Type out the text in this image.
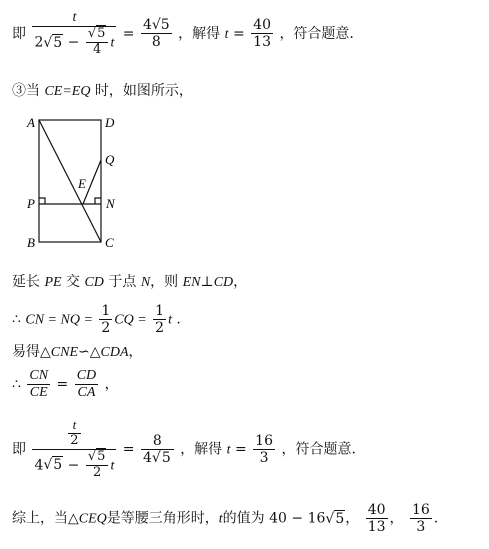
即 $\frac{t}{2√5 - \frac{√5}{4} t} = \frac{4√5}{8}$ ，解得 $t = \frac{40}{13}$ ，符合题意.
③当 CE=EQ 时，如图所示，
A	D
Q
E
P	N
B	C
延长 PE 交 CD 于点 N，则 EN⊥CD，
∴ CN = NQ = $\frac{1}{2}$ CQ = $\frac{1}{2}$ t .
易得△CNE∽△CDA，
∴ $\frac{CN}{CE} = \frac{CD}{CA}$ ，
即 $\frac{\frac{t}{2}}{4√5 - \frac{√5}{2} t} = \frac{8}{4√5}$ ，解得 $t = \frac{16}{3}$ ，符合题意.
综上，当△CEQ是等腰三角形时，t的值为 40 − 16√5， $\frac{40}{13}$ ， $\frac{16}{3}$ .
